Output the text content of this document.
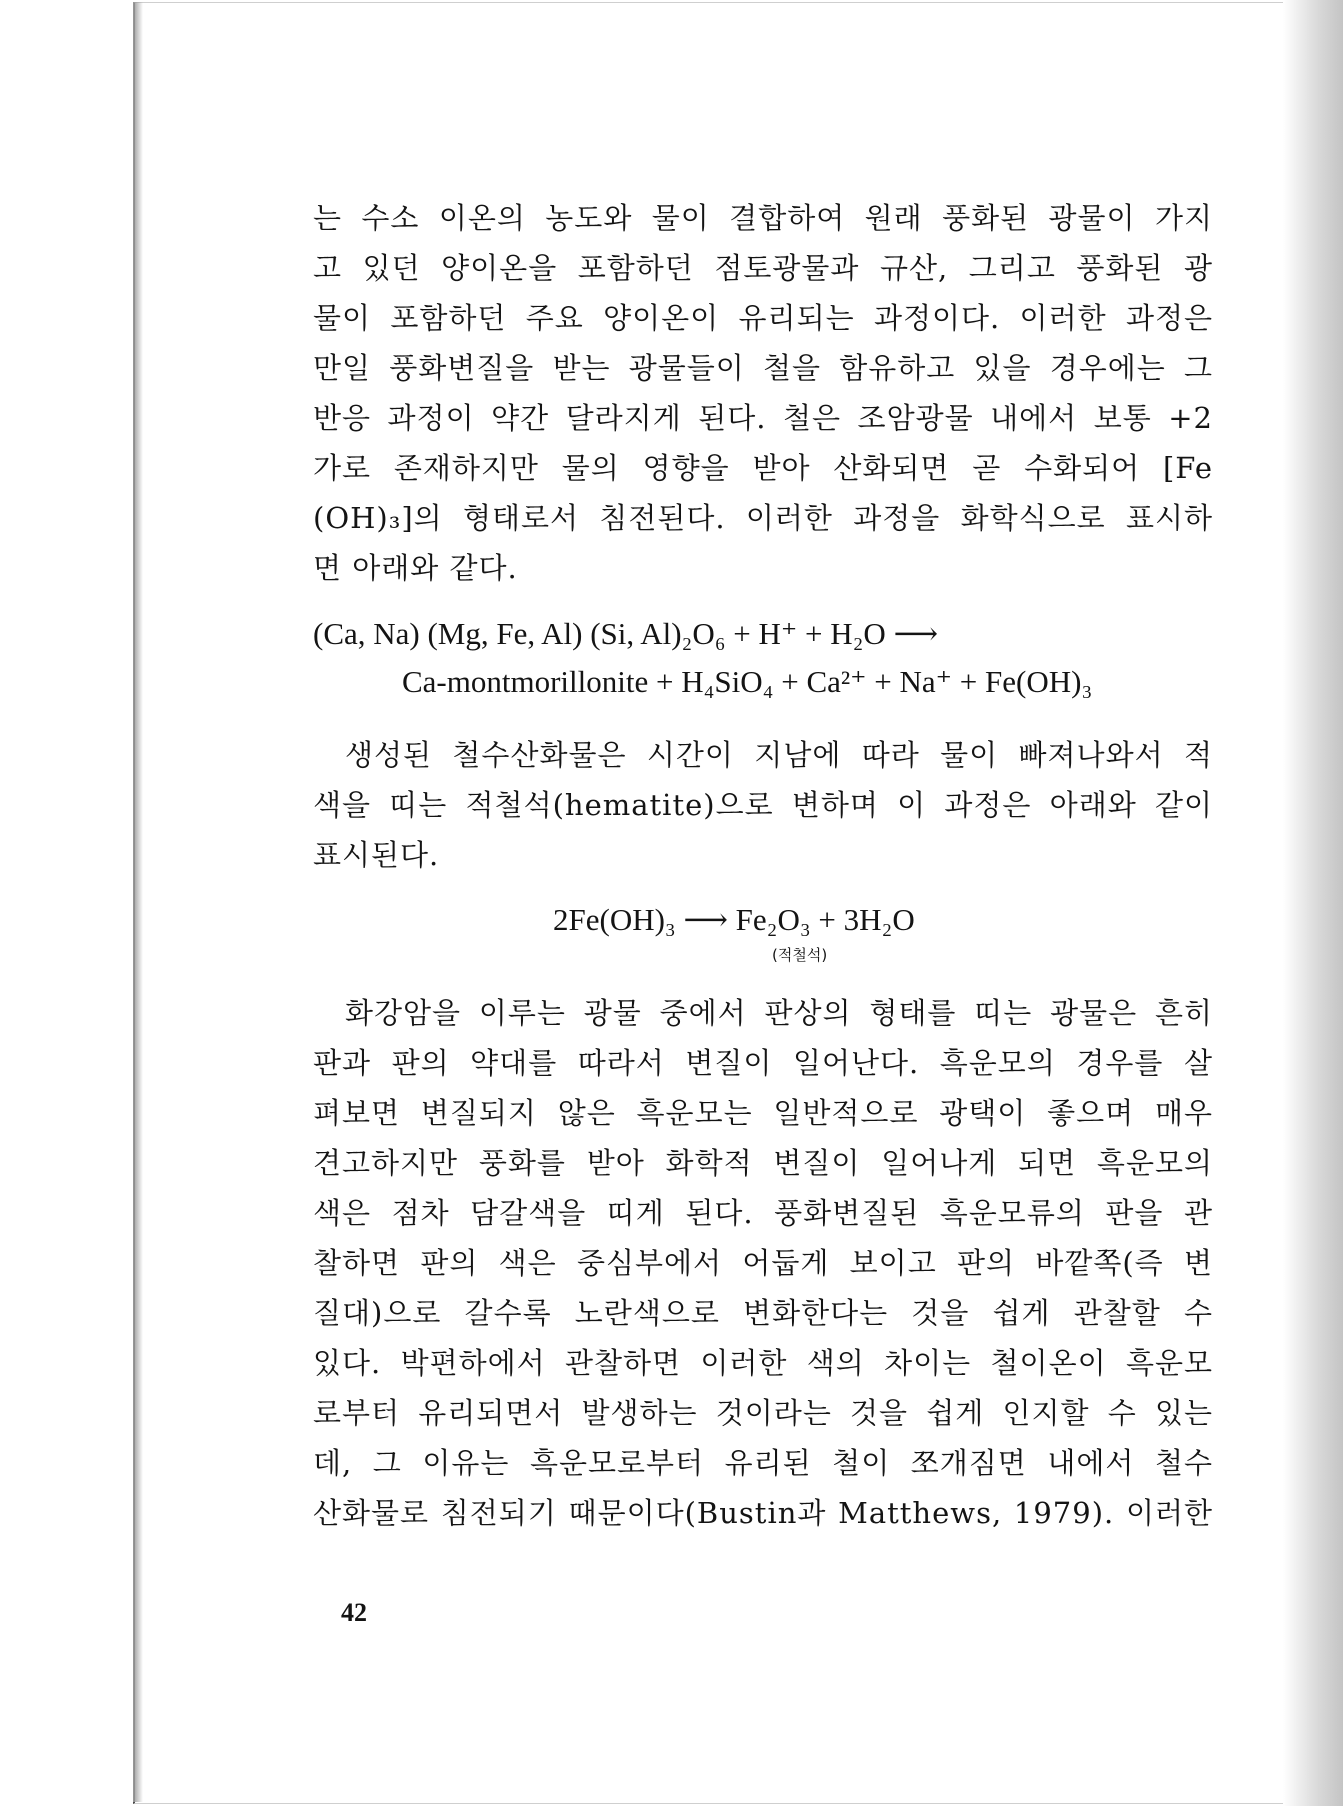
는 수소 이온의 농도와 물이 결합하여 원래 풍화된 광물이 가지
고 있던 양이온을 포함하던 점토광물과 규산, 그리고 풍화된 광
물이 포함하던 주요 양이온이 유리되는 과정이다. 이러한 과정은
만일 풍화변질을 받는 광물들이 철을 함유하고 있을 경우에는 그
반응 과정이 약간 달라지게 된다. 철은 조암광물 내에서 보통 +2
가로 존재하지만 물의 영향을 받아 산화되면 곧 수화되어 [Fe
(OH)₃]의 형태로서 침전된다. 이러한 과정을 화학식으로 표시하
면 아래와 같다.
(Ca, Na) (Mg, Fe, Al) (Si, Al)₂O₆ + H⁺ + H₂O ⟶
Ca-montmorillonite + H₄SiO₄ + Ca²⁺ + Na⁺ + Fe(OH)₃
생성된 철수산화물은 시간이 지남에 따라 물이 빠져나와서 적
색을 띠는 적철석(hematite)으로 변하며 이 과정은 아래와 같이
표시된다.
2Fe(OH)₃ ⟶ Fe₂O₃ + 3H₂O
(적철석)
화강암을 이루는 광물 중에서 판상의 형태를 띠는 광물은 흔히
판과 판의 약대를 따라서 변질이 일어난다. 흑운모의 경우를 살
펴보면 변질되지 않은 흑운모는 일반적으로 광택이 좋으며 매우
견고하지만 풍화를 받아 화학적 변질이 일어나게 되면 흑운모의
색은 점차 담갈색을 띠게 된다. 풍화변질된 흑운모류의 판을 관
찰하면 판의 색은 중심부에서 어둡게 보이고 판의 바깥쪽(즉 변
질대)으로 갈수록 노란색으로 변화한다는 것을 쉽게 관찰할 수
있다. 박편하에서 관찰하면 이러한 색의 차이는 철이온이 흑운모
로부터 유리되면서 발생하는 것이라는 것을 쉽게 인지할 수 있는
데, 그 이유는 흑운모로부터 유리된 철이 쪼개짐면 내에서 철수
산화물로 침전되기 때문이다(Bustin과 Matthews, 1979). 이러한
42
